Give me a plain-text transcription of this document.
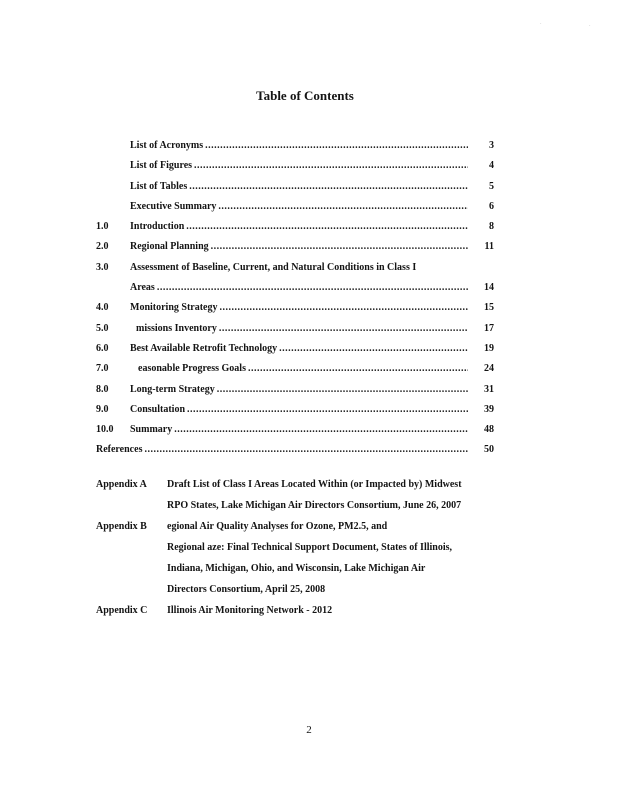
·	·
Table of Contents
List of Acronyms .....	3
List of Figures .....	4
List of Tables .....	5
Executive Summary .....	6
1.0	Introduction .....	8
2.0	Regional Planning .....	11
3.0	Assessment of Baseline, Current, and Natural Conditions in Class I
Areas .....	14
4.0	Monitoring Strategy .....	15
5.0	missions Inventory .....	17
6.0	Best Available Retrofit Technology .....	19
7.0	easonable Progress Goals .....	24
8.0	Long-term Strategy .....	31
9.0	Consultation .....	39
10.0	Summary .....	48
References .....	50
Appendix A	Draft List of Class I Areas Located Within (or Impacted by) Midwest
RPO States, Lake Michigan Air Directors Consortium, June 26, 2007
Appendix B	egional Air Quality Analyses for Ozone, PM2.5, and
Regional aze: Final Technical Support Document, States of Illinois,
Indiana, Michigan, Ohio, and Wisconsin, Lake Michigan Air
Directors Consortium, April 25, 2008
Appendix C	Illinois Air Monitoring Network - 2012
2
